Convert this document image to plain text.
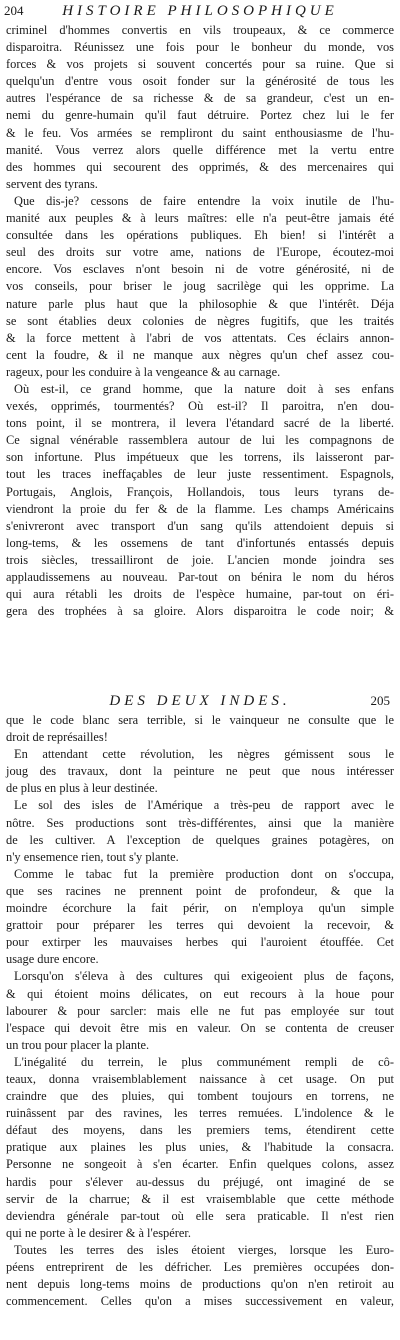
204	HISTOIRE PHILOSOPHIQUE
criminel d'hommes convertis en vils troupeaux, & ce commerce
disparoitra. Réunissez une fois pour le bonheur du monde, vos
forces & vos projets si souvent concertés pour sa ruine. Que si
quelqu'un d'entre vous osoit fonder sur la générosité de tous les
autres l'espérance de sa richesse & de sa grandeur, c'est un en-
nemi du genre-humain qu'il faut détruire. Portez chez lui le fer
& le feu. Vos armées se rempliront du saint enthousiasme de l'hu-
manité. Vous verrez alors quelle différence met la vertu entre
des hommes qui secourent des opprimés, & des mercenaires qui
servent des tyrans.
Que dis-je? cessons de faire entendre la voix inutile de l'hu-
manité aux peuples & à leurs maîtres: elle n'a peut-être jamais été
consultée dans les opérations publiques. Eh bien! si l'intérêt a
seul des droits sur votre ame, nations de l'Europe, écoutez-moi
encore. Vos esclaves n'ont besoin ni de votre générosité, ni de
vos conseils, pour briser le joug sacrilège qui les opprime. La
nature parle plus haut que la philosophie & que l'intérêt. Déja
se sont établies deux colonies de nègres fugitifs, que les traités
& la force mettent à l'abri de vos attentats. Ces éclairs annon-
cent la foudre, & il ne manque aux nègres qu'un chef assez cou-
rageux, pour les conduire à la vengeance & au carnage.
Où est-il, ce grand homme, que la nature doit à ses enfans
vexés, opprimés, tourmentés? Où est-il? Il paroitra, n'en dou-
tons point, il se montrera, il levera l'étandard sacré de la liberté.
Ce signal vénérable rassemblera autour de lui les compagnons de
son infortune. Plus impétueux que les torrens, ils laisseront par-
tout les traces ineffaçables de leur juste ressentiment. Espagnols,
Portugais, Anglois, François, Hollandois, tous leurs tyrans de-
viendront la proie du fer & de la flamme. Les champs Américains
s'enivreront avec transport d'un sang qu'ils attendoient depuis si
long-tems, & les ossemens de tant d'infortunés entassés depuis
trois siècles, tressailliront de joie. L'ancien monde joindra ses
applaudissemens au nouveau. Par-tout on bénira le nom du héros
qui aura rétabli les droits de l'espèce humaine, par-tout on éri-
gera des trophées à sa gloire. Alors disparoitra le code noir; &
DES DEUX INDES.	205
que le code blanc sera terrible, si le vainqueur ne consulte que le
droit de représailles!
En attendant cette révolution, les nègres gémissent sous le
joug des travaux, dont la peinture ne peut que nous intéresser
de plus en plus à leur destinée.
Le sol des isles de l'Amérique a très-peu de rapport avec le
nôtre. Ses productions sont très-différentes, ainsi que la manière
de les cultiver. A l'exception de quelques graines potagères, on
n'y ensemence rien, tout s'y plante.
Comme le tabac fut la première production dont on s'occupa,
que ses racines ne prennent point de profondeur, & que la
moindre écorchure la fait périr, on n'employa qu'un simple
grattoir pour préparer les terres qui devoient la recevoir, &
pour extirper les mauvaises herbes qui l'auroient étouffée. Cet
usage dure encore.
Lorsqu'on s'éleva à des cultures qui exigeoient plus de façons,
& qui étoient moins délicates, on eut recours à la houe pour
labourer & pour sarcler: mais elle ne fut pas employée sur tout
l'espace qui devoit être mis en valeur. On se contenta de creuser
un trou pour placer la plante.
L'inégalité du terrein, le plus communément rempli de cô-
teaux, donna vraisemblablement naissance à cet usage. On put
craindre que des pluies, qui tombent toujours en torrens, ne
ruinâssent par des ravines, les terres remuées. L'indolence & le
défaut des moyens, dans les premiers tems, étendirent cette
pratique aux plaines les plus unies, & l'habitude la consacra.
Personne ne songeoit à s'en écarter. Enfin quelques colons, assez
hardis pour s'élever au-dessus du préjugé, ont imaginé de se
servir de la charrue; & il est vraisemblable que cette méthode
deviendra générale par-tout où elle sera praticable. Il n'est rien
qui ne porte à le desirer & à l'espérer.
Toutes les terres des isles étoient vierges, lorsque les Euro-
péens entreprirent de les défricher. Les premières occupées don-
nent depuis long-tems moins de productions qu'on n'en retiroit au
commencement. Celles qu'on a mises successivement en valeur,
